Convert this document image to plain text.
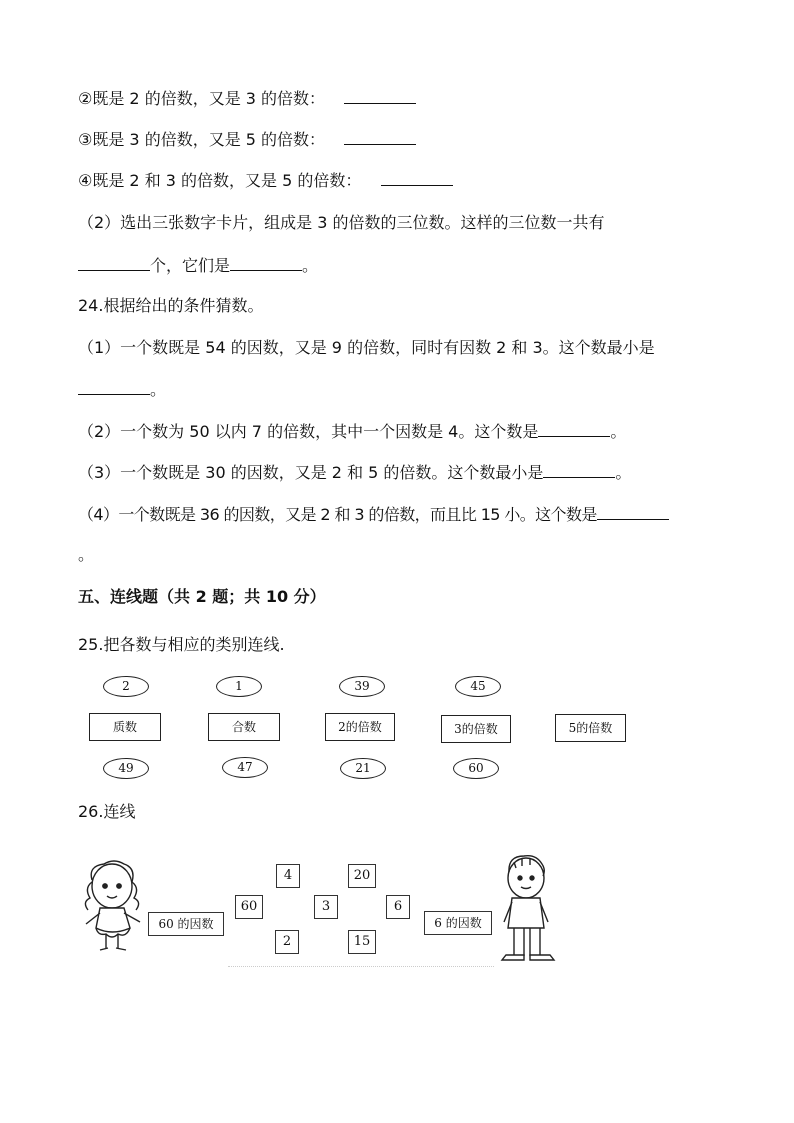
②既是 2 的倍数，又是 3 的倍数：
③既是 3 的倍数，又是 5 的倍数：
④既是 2 和 3 的倍数，又是 5 的倍数：
（2）选出三张数字卡片，组成是 3 的倍数的三位数。这样的三位数一共有
个，它们是	。
24.根据给出的条件猜数。
（1）一个数既是 54 的因数，又是 9 的倍数，同时有因数 2 和 3。这个数最小是
。
（2）一个数为 50 以内 7 的倍数，其中一个因数是 4。这个数是	。
（3）一个数既是 30 的因数，又是 2 和 5 的倍数。这个数最小是	。
（4）一个数既是 36 的因数，又是 2 和 3 的倍数，而且比 15 小。这个数是
。
五、连线题（共 2 题；共 10 分）
25.把各数与相应的类别连线.
2	1	39	45
质数	合数	2的倍数	3的倍数	5的倍数
49	47	21	60
26.连线
60 的因数	6 的因数
4	20
60	3	6
2	15
